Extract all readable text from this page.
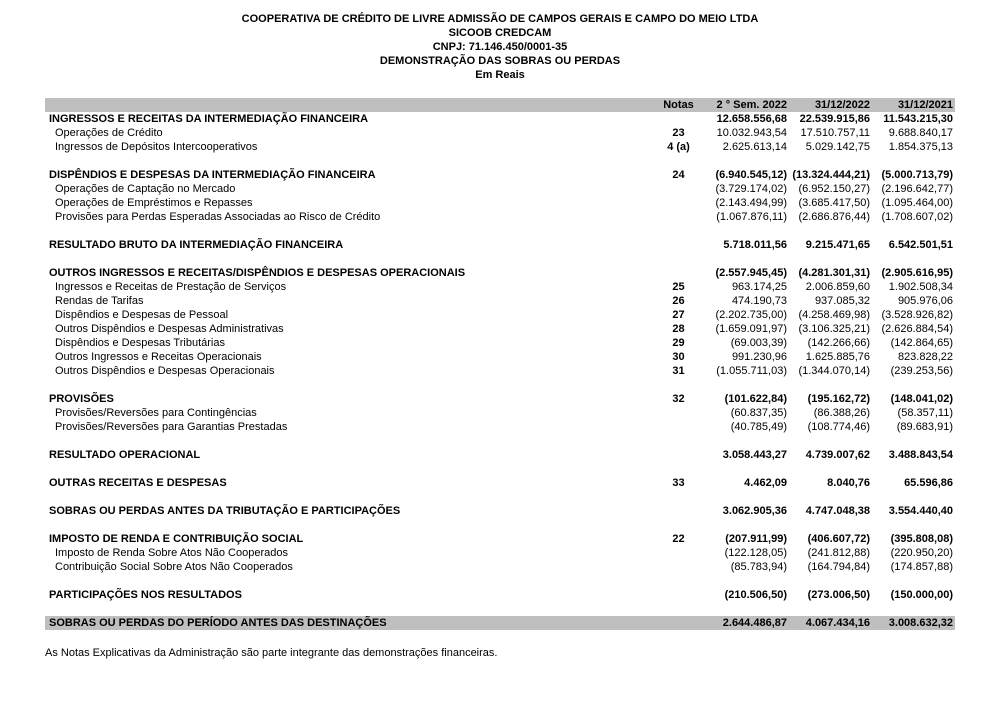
COOPERATIVA DE CRÉDITO DE LIVRE ADMISSÃO DE CAMPOS GERAIS E CAMPO DO MEIO LTDA
SICOOB CREDCAM
CNPJ: 71.146.450/0001-35
DEMONSTRAÇÃO DAS SOBRAS OU PERDAS
Em Reais
Notas	2 ° Sem. 2022	31/12/2022	31/12/2021
INGRESSOS E RECEITAS DA INTERMEDIAÇÃO FINANCEIRA	12.658.556,68	22.539.915,86	11.543.215,30
Operações de Crédito	23	10.032.943,54	17.510.757,11	9.688.840,17
Ingressos de Depósitos Intercooperativos	4 (a)	2.625.613,14	5.029.142,75	1.854.375,13
DISPÊNDIOS E DESPESAS DA INTERMEDIAÇÃO FINANCEIRA	24	(6.940.545,12) (13.324.444,21)	(5.000.713,79)
Operações de Captação no Mercado	(3.729.174,02)	(6.952.150,27)	(2.196.642,77)
Operações de Empréstimos e Repasses	(2.143.494,99)	(3.685.417,50)	(1.095.464,00)
Provisões para Perdas Esperadas Associadas ao Risco de Crédito	(1.067.876,11)	(2.686.876,44)	(1.708.607,02)
RESULTADO BRUTO DA INTERMEDIAÇÃO FINANCEIRA	5.718.011,56	9.215.471,65	6.542.501,51
OUTROS INGRESSOS E RECEITAS/DISPÊNDIOS E DESPESAS OPERACIONAIS	(2.557.945,45)	(4.281.301,31)	(2.905.616,95)
Ingressos e Receitas de Prestação de Serviços	25	963.174,25	2.006.859,60	1.902.508,34
Rendas de Tarifas	26	474.190,73	937.085,32	905.976,06
Dispêndios e Despesas de Pessoal	27	(2.202.735,00)	(4.258.469,98)	(3.528.926,82)
Outros Dispêndios e Despesas Administrativas	28	(1.659.091,97)	(3.106.325,21)	(2.626.884,54)
Dispêndios e Despesas Tributárias	29	(69.003,39)	(142.266,66)	(142.864,65)
Outros Ingressos e Receitas Operacionais	30	991.230,96	1.625.885,76	823.828,22
Outros Dispêndios e Despesas Operacionais	31	(1.055.711,03)	(1.344.070,14)	(239.253,56)
PROVISÕES	32	(101.622,84)	(195.162,72)	(148.041,02)
Provisões/Reversões para Contingências	(60.837,35)	(86.388,26)	(58.357,11)
Provisões/Reversões para Garantias Prestadas	(40.785,49)	(108.774,46)	(89.683,91)
RESULTADO OPERACIONAL	3.058.443,27	4.739.007,62	3.488.843,54
OUTRAS RECEITAS E DESPESAS	33	4.462,09	8.040,76	65.596,86
SOBRAS OU PERDAS ANTES DA TRIBUTAÇÃO E PARTICIPAÇÕES	3.062.905,36	4.747.048,38	3.554.440,40
IMPOSTO DE RENDA E CONTRIBUIÇÃO SOCIAL	22	(207.911,99)	(406.607,72)	(395.808,08)
Imposto de Renda Sobre Atos Não Cooperados	(122.128,05)	(241.812,88)	(220.950,20)
Contribuição Social Sobre Atos Não Cooperados	(85.783,94)	(164.794,84)	(174.857,88)
PARTICIPAÇÕES NOS RESULTADOS	(210.506,50)	(273.006,50)	(150.000,00)
SOBRAS OU PERDAS DO PERÍODO ANTES DAS DESTINAÇÕES	2.644.486,87	4.067.434,16	3.008.632,32
As Notas Explicativas da Administração são parte integrante das demonstrações financeiras.
